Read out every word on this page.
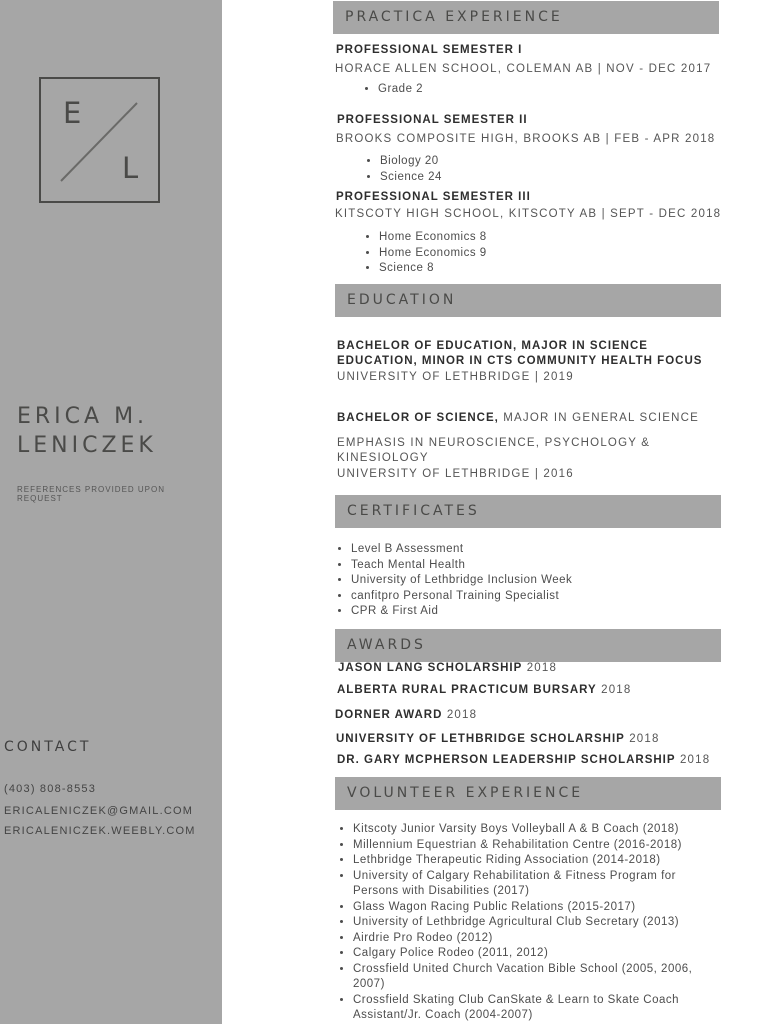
E
L
ERICA M.
LENICZEK
REFERENCES PROVIDED UPON REQUEST
CONTACT
(403) 808-8553
ERICALENICZEK@GMAIL.COM
ERICALENICZEK.WEEBLY.COM
PRACTICA EXPERIENCE
PROFESSIONAL SEMESTER I
HORACE ALLEN SCHOOL, COLEMAN AB | NOV - DEC 2017
• Grade 2
PROFESSIONAL SEMESTER II
BROOKS COMPOSITE HIGH, BROOKS AB | FEB - APR 2018
• Biology 20
• Science 24
PROFESSIONAL SEMESTER III
KITSCOTY HIGH SCHOOL, KITSCOTY AB | SEPT - DEC 2018
• Home Economics 8
• Home Economics 9
• Science 8
EDUCATION
BACHELOR OF EDUCATION, MAJOR IN SCIENCE
EDUCATION, MINOR IN CTS COMMUNITY HEALTH FOCUS
UNIVERSITY OF LETHBRIDGE | 2019
BACHELOR OF SCIENCE, MAJOR IN GENERAL SCIENCE
EMPHASIS IN NEUROSCIENCE, PSYCHOLOGY &
KINESIOLOGY
UNIVERSITY OF LETHBRIDGE | 2016
CERTIFICATES
• Level B Assessment
• Teach Mental Health
• University of Lethbridge Inclusion Week
• canfitpro Personal Training Specialist
• CPR & First Aid
AWARDS
JASON LANG SCHOLARSHIP 2018
ALBERTA RURAL PRACTICUM BURSARY 2018
DORNER AWARD 2018
UNIVERSITY OF LETHBRIDGE SCHOLARSHIP 2018
DR. GARY MCPHERSON LEADERSHIP SCHOLARSHIP 2018
VOLUNTEER EXPERIENCE
• Kitscoty Junior Varsity Boys Volleyball A & B Coach (2018)
• Millennium Equestrian & Rehabilitation Centre (2016-2018)
• Lethbridge Therapeutic Riding Association (2014-2018)
• University of Calgary Rehabilitation & Fitness Program for Persons with Disabilities (2017)
• Glass Wagon Racing Public Relations (2015-2017)
• University of Lethbridge Agricultural Club Secretary (2013)
• Airdrie Pro Rodeo (2012)
• Calgary Police Rodeo (2011, 2012)
• Crossfield United Church Vacation Bible School (2005, 2006, 2007)
• Crossfield Skating Club CanSkate & Learn to Skate Coach Assistant/Jr. Coach (2004-2007)
